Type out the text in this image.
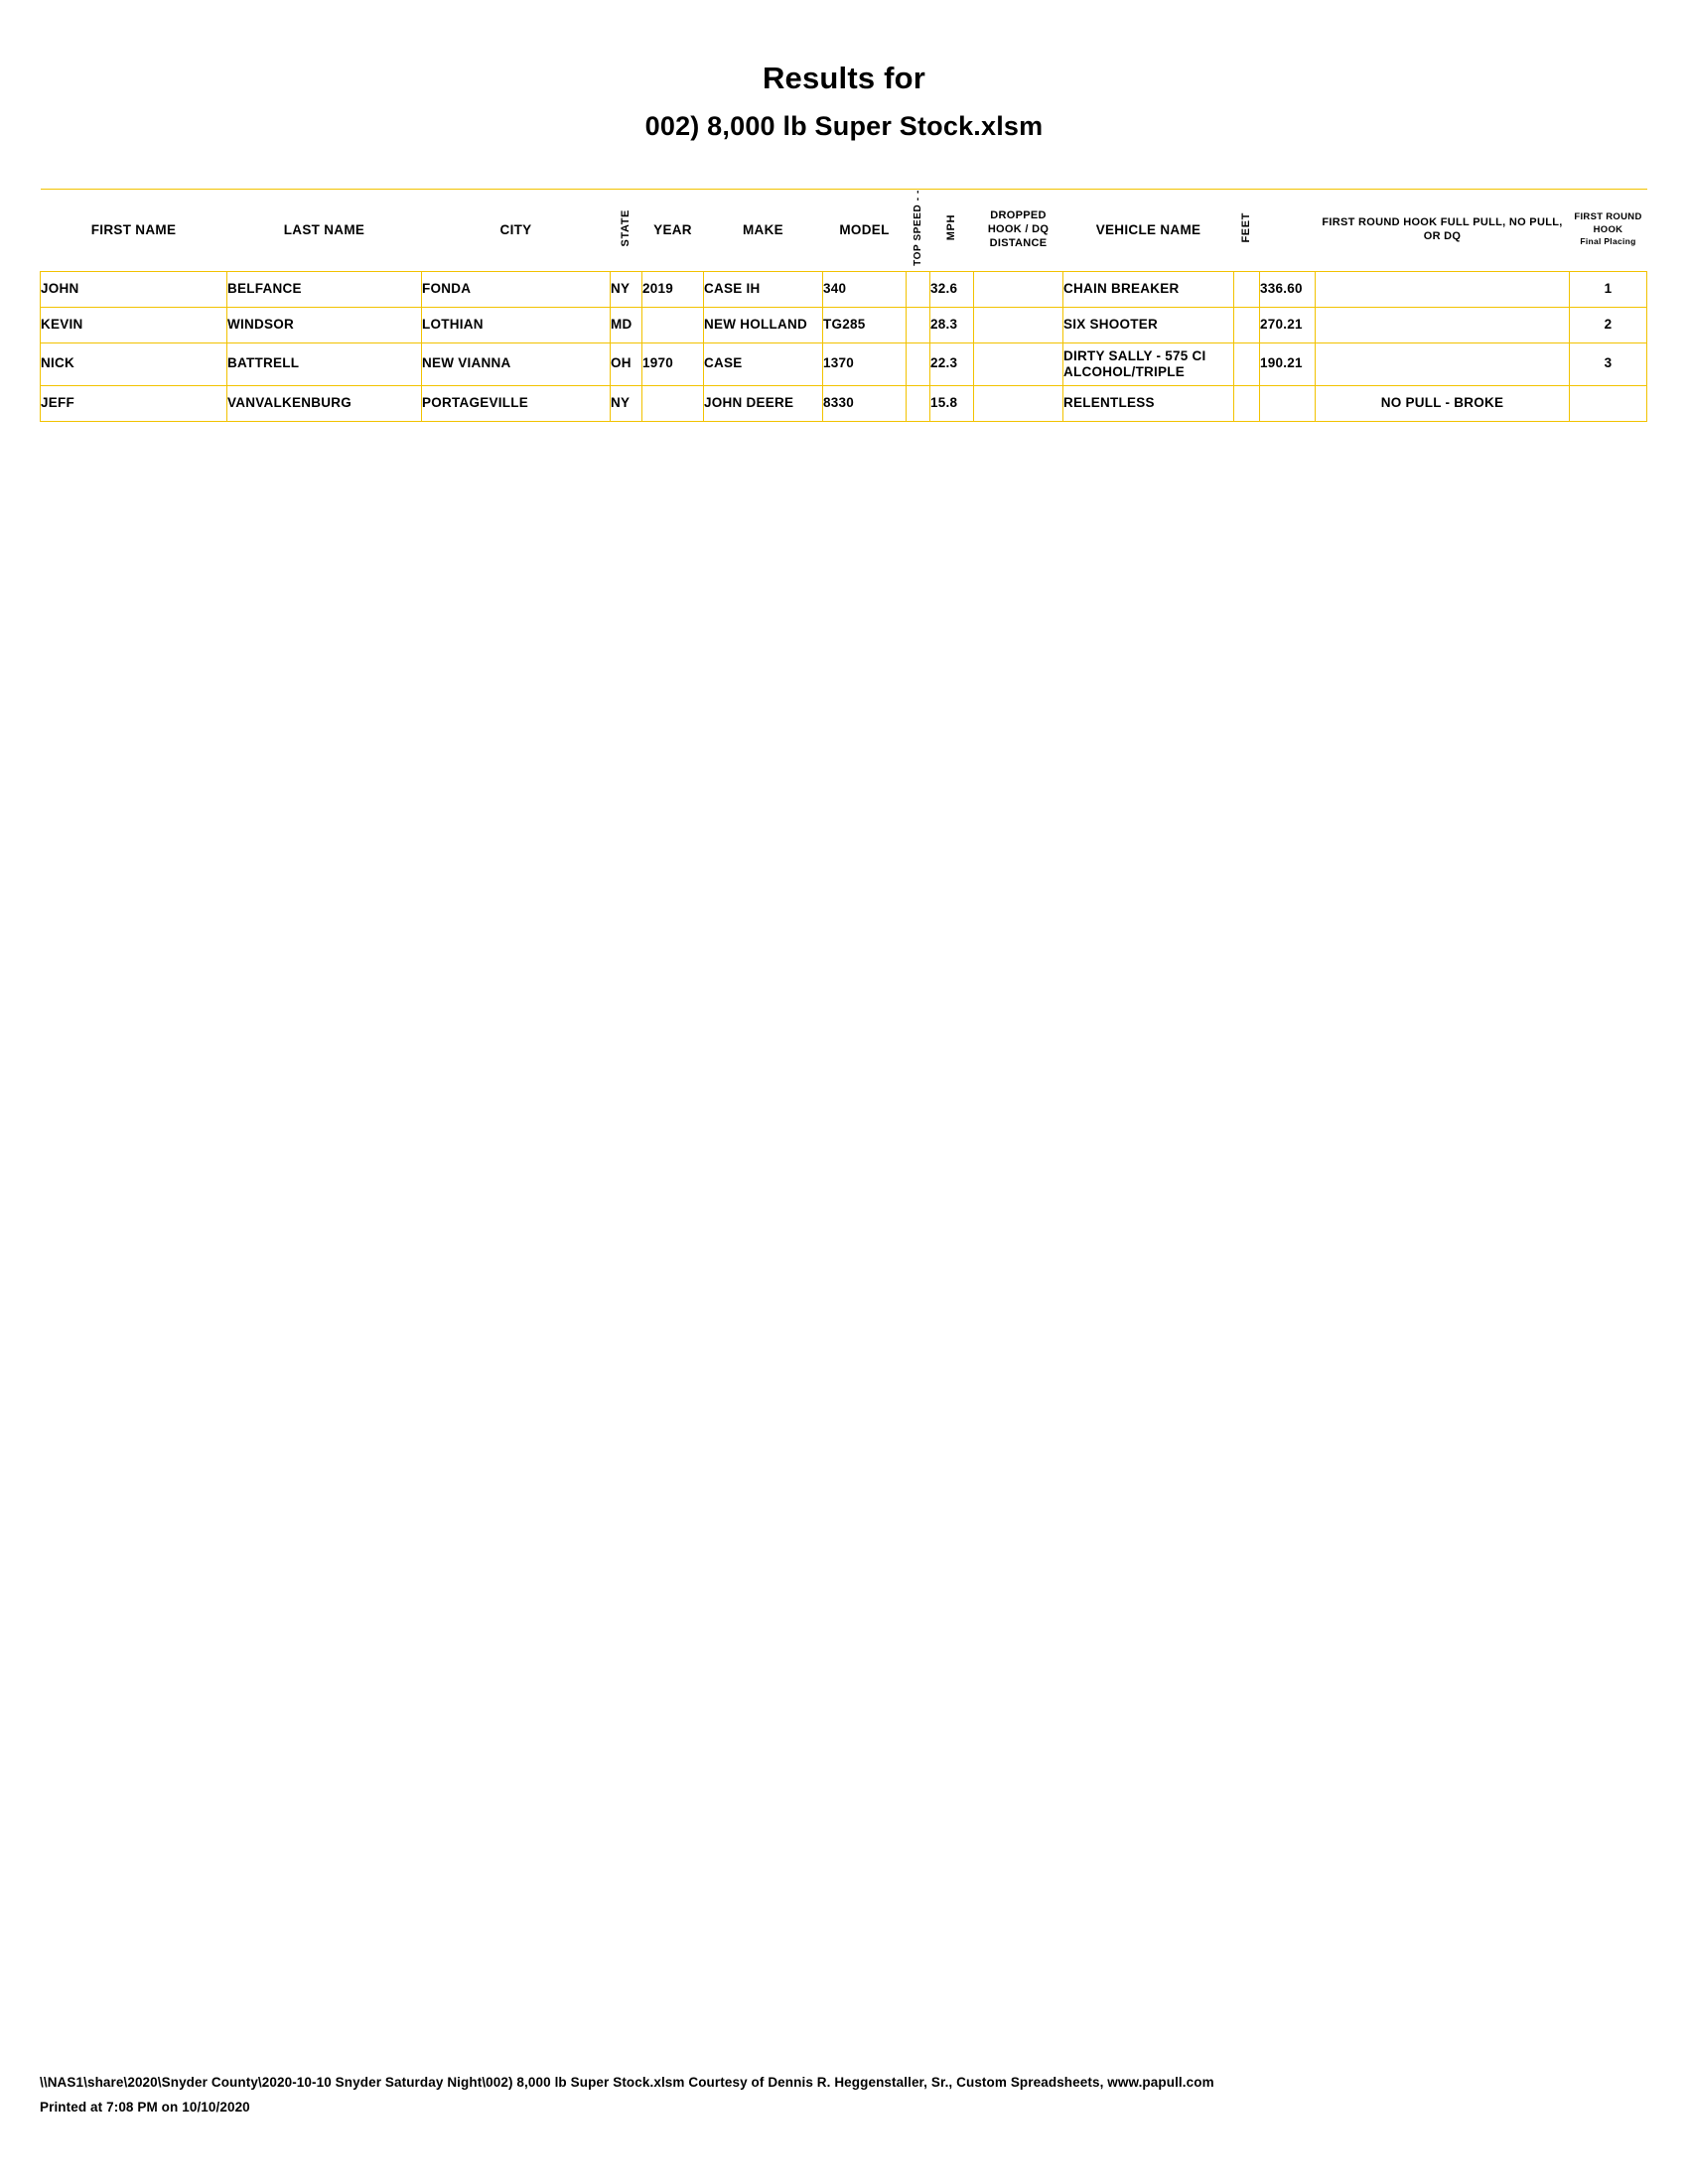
Results for
002) 8,000 lb Super Stock.xlsm
FIRST NAME	LAST NAME	CITY	STATE	YEAR	MAKE	MODEL	TOP SPEED - -	MPH	DROPPED HOOK / DQ DISTANCE	VEHICLE NAME	FEET		FIRST ROUND HOOK FULL PULL, NO PULL, OR DQ	FIRST ROUND HOOK
Final Placing
JOHN	BELFANCE	FONDA	NY	2019	CASE IH	340		32.6		CHAIN BREAKER		336.60		1
KEVIN	WINDSOR	LOTHIAN	MD		NEW HOLLAND	TG285		28.3		SIX SHOOTER		270.21		2
NICK	BATTRELL	NEW VIANNA	OH	1970	CASE	1370		22.3		DIRTY SALLY - 575 CI ALCOHOL/TRIPLE		190.21		3
JEFF	VANVALKENBURG	PORTAGEVILLE	NY		JOHN DEERE	8330		15.8		RELENTLESS			NO PULL - BROKE	
\\NAS1\share\2020\Snyder County\2020-10-10 Snyder Saturday Night\002) 8,000 lb Super Stock.xlsm Courtesy of Dennis R. Heggenstaller, Sr., Custom Spreadsheets, www.papull.com
Printed at 7:08 PM on 10/10/2020
